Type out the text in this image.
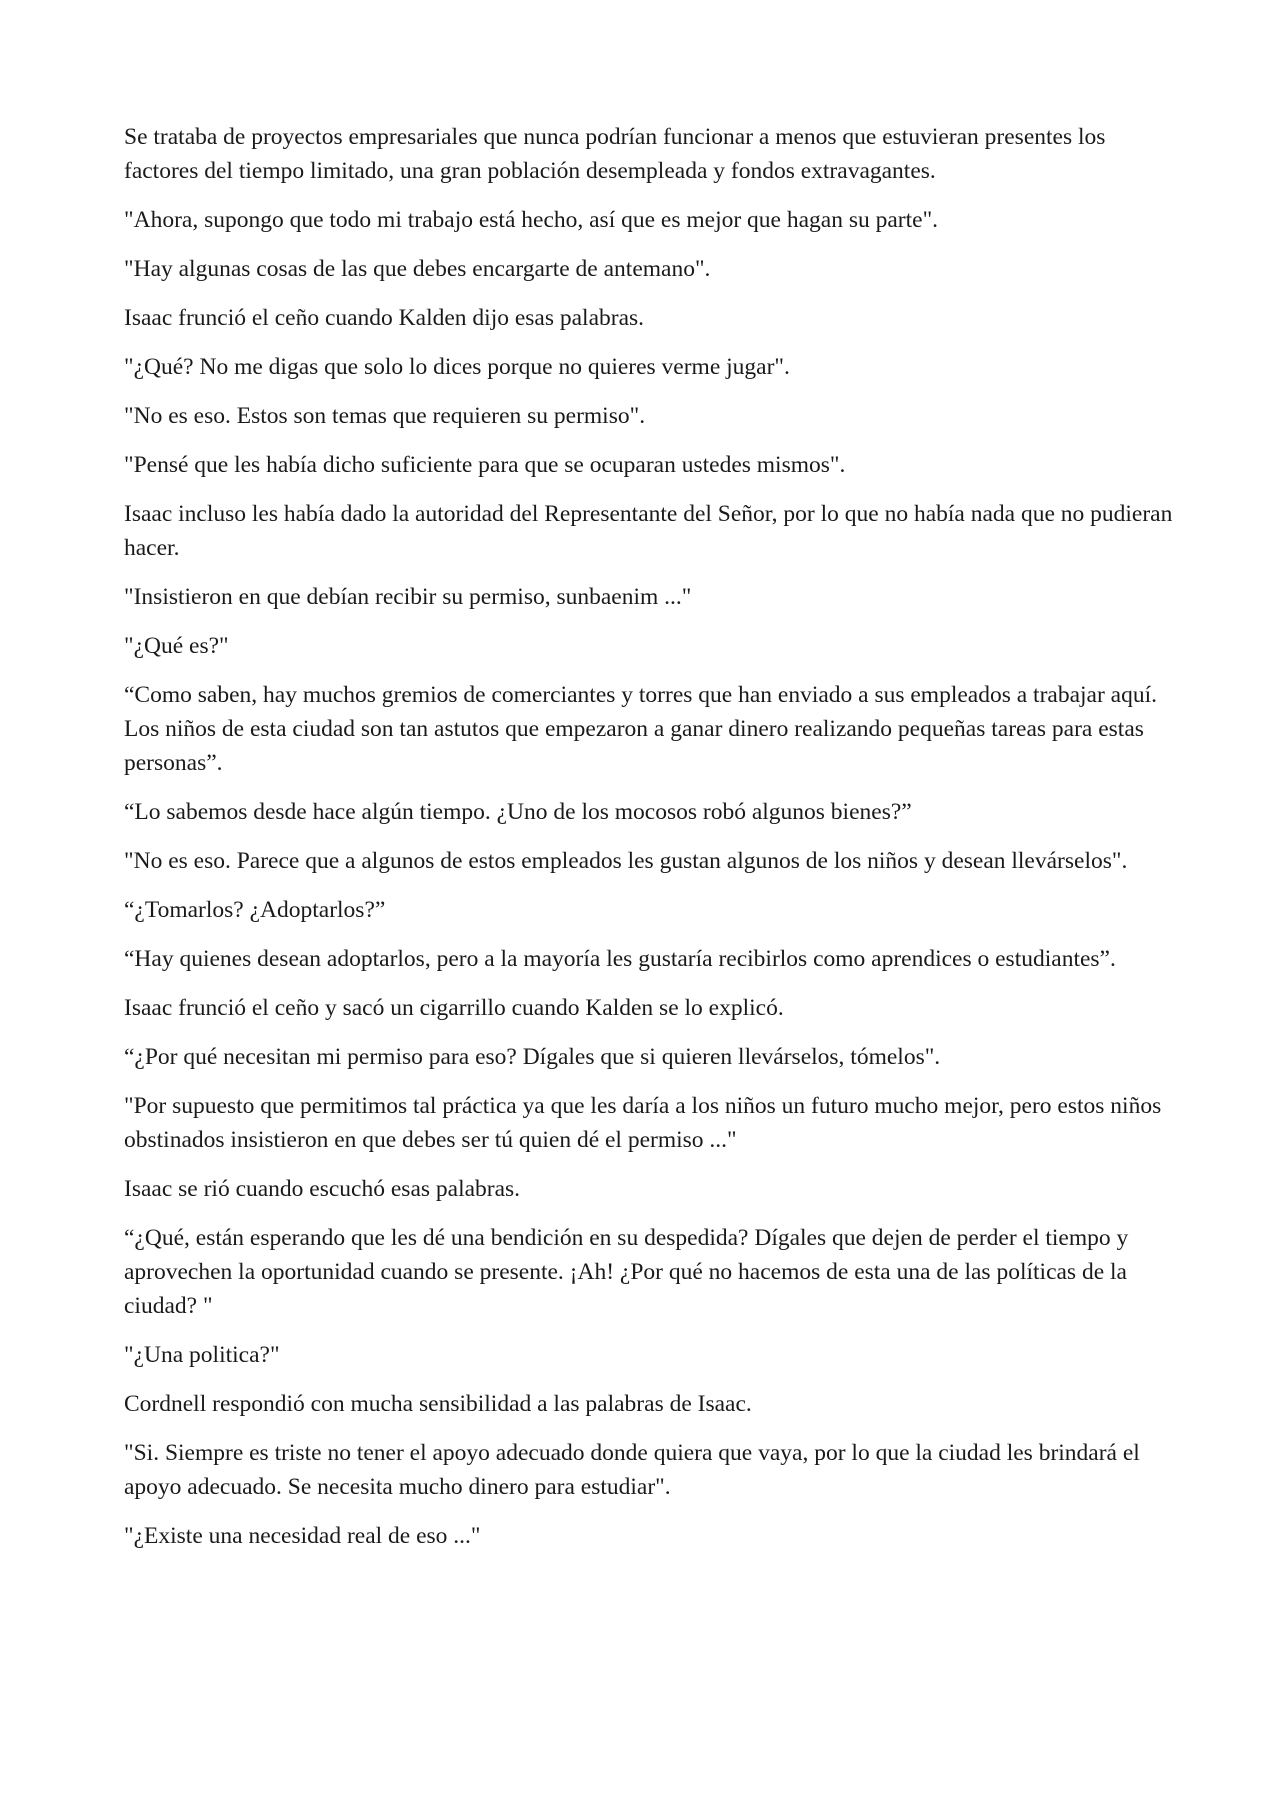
Se trataba de proyectos empresariales que nunca podrían funcionar a menos que estuvieran presentes los factores del tiempo limitado, una gran población desempleada y fondos extravagantes.

"Ahora, supongo que todo mi trabajo está hecho, así que es mejor que hagan su parte".

"Hay algunas cosas de las que debes encargarte de antemano".

Isaac frunció el ceño cuando Kalden dijo esas palabras.

"¿Qué? No me digas que solo lo dices porque no quieres verme jugar".

"No es eso. Estos son temas que requieren su permiso".

"Pensé que les había dicho suficiente para que se ocuparan ustedes mismos".

Isaac incluso les había dado la autoridad del Representante del Señor, por lo que no había nada que no pudieran hacer.

"Insistieron en que debían recibir su permiso, sunbaenim ..."

"¿Qué es?"

“Como saben, hay muchos gremios de comerciantes y torres que han enviado a sus empleados a trabajar aquí. Los niños de esta ciudad son tan astutos que empezaron a ganar dinero realizando pequeñas tareas para estas personas”.

“Lo sabemos desde hace algún tiempo. ¿Uno de los mocosos robó algunos bienes?”

"No es eso. Parece que a algunos de estos empleados les gustan algunos de los niños y desean llevárselos".

“¿Tomarlos? ¿Adoptarlos?”

“Hay quienes desean adoptarlos, pero a la mayoría les gustaría recibirlos como aprendices o estudiantes”.

Isaac frunció el ceño y sacó un cigarrillo cuando Kalden se lo explicó.

“¿Por qué necesitan mi permiso para eso? Dígales que si quieren llevárselos, tómelos".

"Por supuesto que permitimos tal práctica ya que les daría a los niños un futuro mucho mejor, pero estos niños obstinados insistieron en que debes ser tú quien dé el permiso ..."

Isaac se rió cuando escuchó esas palabras.

“¿Qué, están esperando que les dé una bendición en su despedida? Dígales que dejen de perder el tiempo y aprovechen la oportunidad cuando se presente. ¡Ah! ¿Por qué no hacemos de esta una de las políticas de la ciudad? "

"¿Una politica?"

Cordnell respondió con mucha sensibilidad a las palabras de Isaac.

"Si. Siempre es triste no tener el apoyo adecuado donde quiera que vaya, por lo que la ciudad les brindará el apoyo adecuado. Se necesita mucho dinero para estudiar".

"¿Existe una necesidad real de eso ..."
